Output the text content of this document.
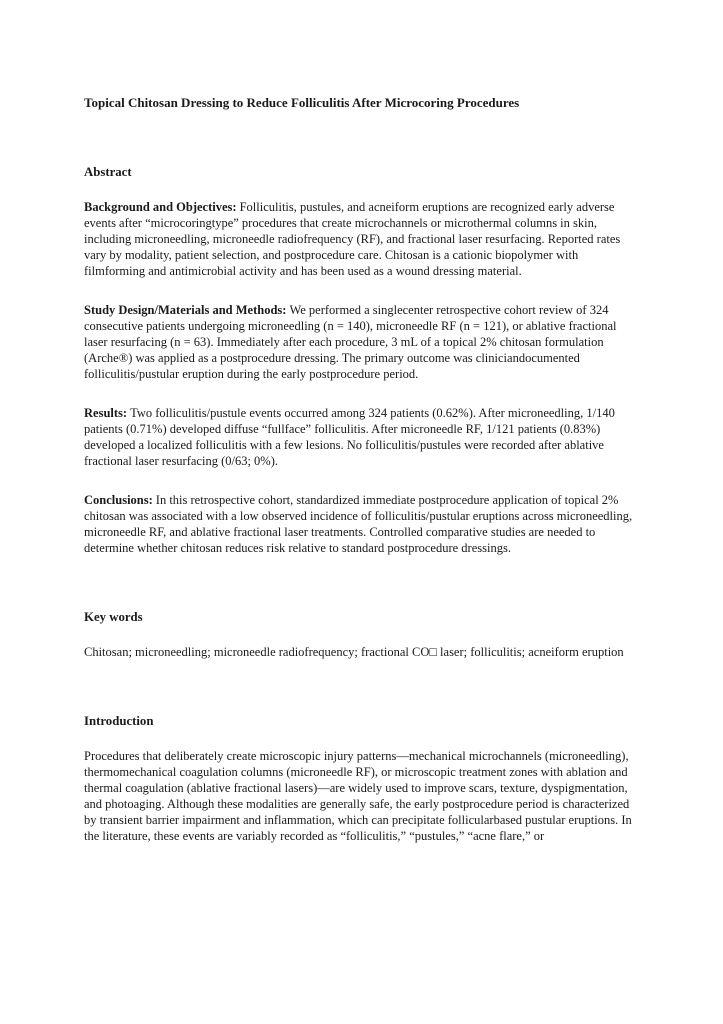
Topical Chitosan Dressing to Reduce Folliculitis After Microcoring Procedures
Abstract

Background and Objectives: Folliculitis, pustules, and acneiform eruptions are recognized early adverse events after “microcoringtype” procedures that create microchannels or microthermal columns in skin, including microneedling, microneedle radiofrequency (RF), and fractional laser resurfacing. Reported rates vary by modality, patient selection, and postprocedure care. Chitosan is a cationic biopolymer with filmforming and antimicrobial activity and has been used as a wound dressing material.

Study Design/Materials and Methods: We performed a singlecenter retrospective cohort review of 324 consecutive patients undergoing microneedling (n = 140), microneedle RF (n = 121), or ablative fractional laser resurfacing (n = 63). Immediately after each procedure, 3 mL of a topical 2% chitosan formulation (Arche®) was applied as a postprocedure dressing. The primary outcome was cliniciandocumented folliculitis/pustular eruption during the early postprocedure period.

Results: Two folliculitis/pustule events occurred among 324 patients (0.62%). After microneedling, 1/140 patients (0.71%) developed diffuse “fullface” folliculitis. After microneedle RF, 1/121 patients (0.83%) developed a localized folliculitis with a few lesions. No folliculitis/pustules were recorded after ablative fractional laser resurfacing (0/63; 0%).

Conclusions: In this retrospective cohort, standardized immediate postprocedure application of topical 2% chitosan was associated with a low observed incidence of folliculitis/pustular eruptions across microneedling, microneedle RF, and ablative fractional laser treatments. Controlled comparative studies are needed to determine whether chitosan reduces risk relative to standard postprocedure dressings.

Key words

Chitosan; microneedling; microneedle radiofrequency; fractional CO□ laser; folliculitis; acneiform eruption

Introduction

Procedures that deliberately create microscopic injury patterns—mechanical microchannels (microneedling), thermomechanical coagulation columns (microneedle RF), or microscopic treatment zones with ablation and thermal coagulation (ablative fractional lasers)—are widely used to improve scars, texture, dyspigmentation, and photoaging. Although these modalities are generally safe, the early postprocedure period is characterized by transient barrier impairment and inflammation, which can precipitate follicularbased pustular eruptions. In the literature, these events are variably recorded as “folliculitis,” “pustules,” “acne flare,” or
